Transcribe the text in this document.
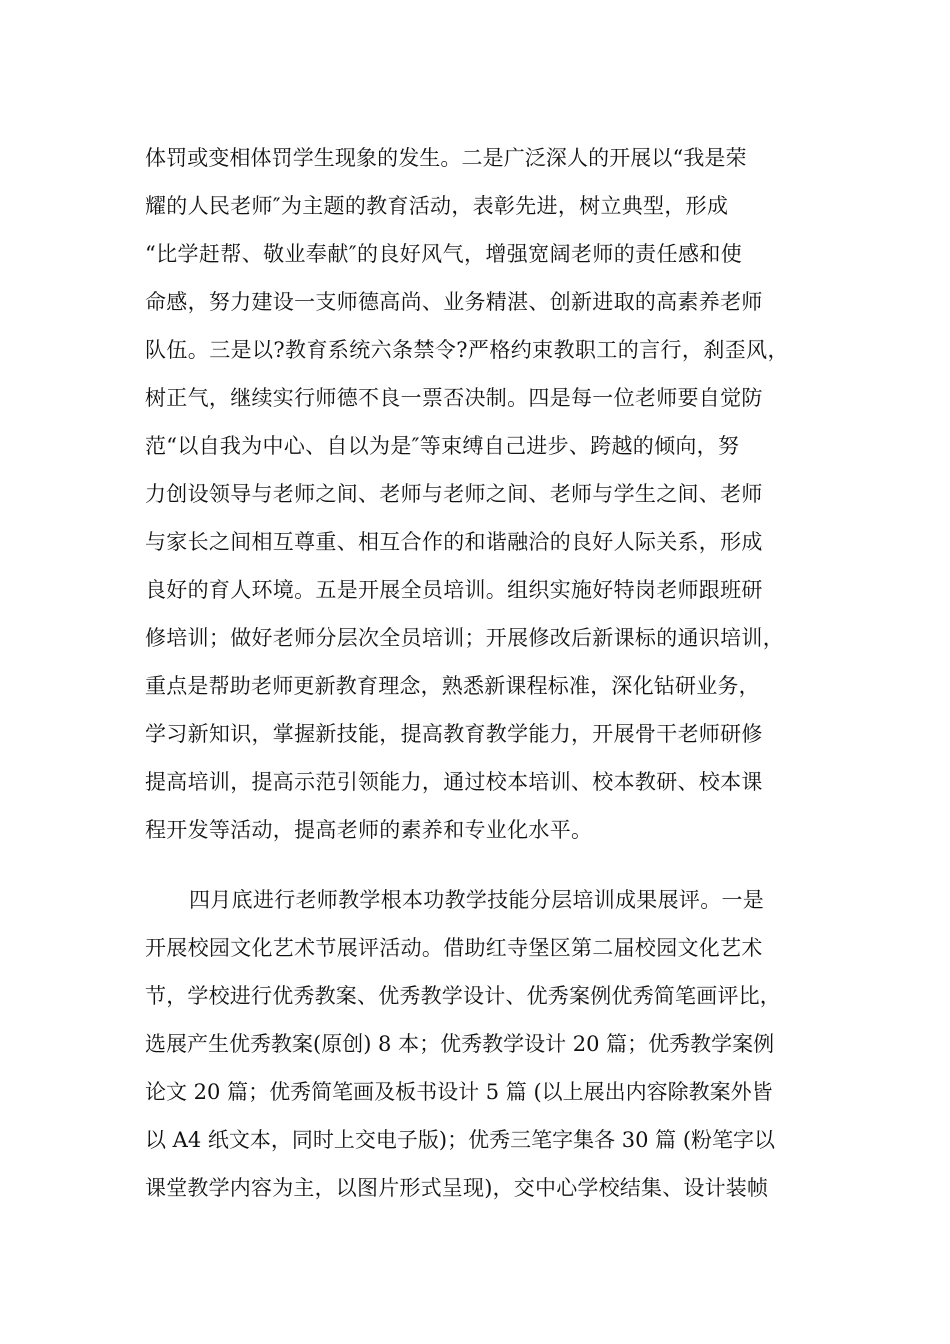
体罚或变相体罚学生现象的发生。二是广泛深人的开展以“我是荣
耀的人民老师″为主题的教育活动，表彰先进，树立典型，形成
“比学赶帮、敬业奉献″的良好风气，增强宽阔老师的责任感和使
命感，努力建设一支师德高尚、业务精湛、创新进取的高素养老师
队伍。三是以?教育系统六条禁令?严格约束教职工的言行，刹歪风，
树正气，继续实行师德不良一票否决制。四是每一位老师要自觉防
范“以自我为中心、自以为是″等束缚自己进步、跨越的倾向，努
力创设领导与老师之间、老师与老师之间、老师与学生之间、老师
与家长之间相互尊重、相互合作的和谐融洽的良好人际关系，形成
良好的育人环境。五是开展全员培训。组织实施好特岗老师跟班研
修培训；做好老师分层次全员培训；开展修改后新课标的通识培训，
重点是帮助老师更新教育理念，熟悉新课程标准，深化钻研业务，
学习新知识，掌握新技能，提高教育教学能力，开展骨干老师研修
提高培训，提高示范引领能力，通过校本培训、校本教研、校本课
程开发等活动，提高老师的素养和专业化水平。
四月底进行老师教学根本功教学技能分层培训成果展评。一是
开展校园文化艺术节展评活动。借助红寺堡区第二届校园文化艺术
节，学校进行优秀教案、优秀教学设计、优秀案例优秀简笔画评比，
选展产生优秀教案(原创) 8 本；优秀教学设计 20 篇；优秀教学案例
论文 20 篇；优秀简笔画及板书设计 5 篇 (以上展出内容除教案外皆
以 A4 纸文本，同时上交电子版)；优秀三笔字集各 30 篇 (粉笔字以
课堂教学内容为主，以图片形式呈现)，交中心学校结集、设计装帧
